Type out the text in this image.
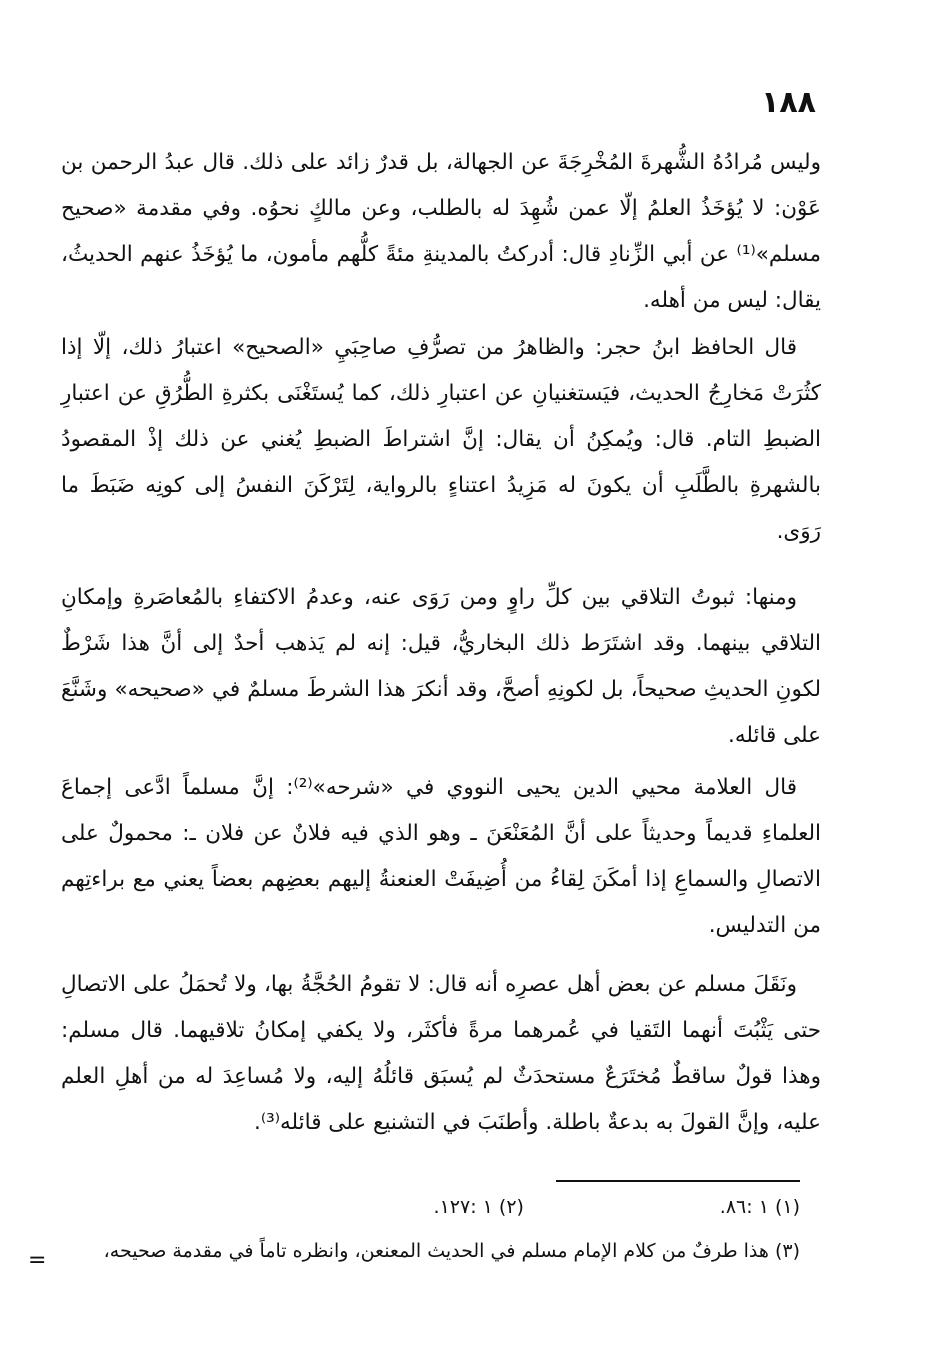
١٨٨

وليس مُرادُهُ الشُّهرةَ المُخْرِجَةَ عن الجهالة، بل قدرٌ زائد على ذلك. قال عبدُ الرحمن بن عَوْن: لا يُؤخَذُ العلمُ إلّا عمن شُهِدَ له بالطلب، وعن مالكٍ نحوُه. وفي مقدمة «صحيح مسلم»⁽¹⁾ عن أبي الزِّنادِ قال: أدركتُ بالمدينةِ مئةً كلُّهم مأمون، ما يُؤخَذُ عنهم الحديثُ، يقال: ليس من أهله.

قال الحافظ ابنُ حجر: والظاهرُ من تصرُّفِ صاحِبَيِ «الصحيح» اعتبارُ ذلك، إلّا إذا كثُرَتْ مَخارِجُ الحديث، فيَستغنيانِ عن اعتبارِ ذلك، كما يُستَغْنَى بكثرةِ الطُّرُقِ عن اعتبارِ الضبطِ التام. قال: ويُمكِنُ أن يقال: إنَّ اشتراطَ الضبطِ يُغني عن ذلك إذْ المقصودُ بالشهرةِ بالطَّلَبِ أن يكونَ له مَزِيدُ اعتناءٍ بالرواية، لِتَرْكَنَ النفسُ إلى كونِه ضَبَطَ ما رَوَى.

ومنها: ثبوتُ التلاقي بين كلِّ راوٍ ومن رَوَى عنه، وعدمُ الاكتفاءِ بالمُعاصَرةِ وإمكانِ التلاقي بينهما. وقد اشتَرَط ذلك البخاريُّ، قيل: إنه لم يَذهب أحدٌ إلى أنَّ هذا شَرْطٌ لكونِ الحديثِ صحيحاً، بل لكونِهِ أصحَّ، وقد أنكرَ هذا الشرطَ مسلمٌ في «صحيحه» وشَنَّعَ على قائله.

قال العلامة محيي الدين يحيى النووي في «شرحه»⁽²⁾: إنَّ مسلماً ادَّعى إجماعَ العلماءِ قديماً وحديثاً على أنَّ المُعَنْعَنَ ـ وهو الذي فيه فلانٌ عن فلان ـ: محمولٌ على الاتصالِ والسماعِ إذا أمكَنَ لِقاءُ من أُضِيفَتْ العنعنةُ إليهم بعضِهم بعضاً يعني مع براءتِهم من التدليس.

ونَقَلَ مسلم عن بعض أهل عصرِه أنه قال: لا تقومُ الحُجَّةُ بها، ولا تُحمَلُ على الاتصالِ حتى يَثْبُتَ أنهما التَقيا في عُمرهما مرةً فأكثَر، ولا يكفي إمكانُ تلاقيهما. قال مسلم: وهذا قولٌ ساقطٌ مُختَرَعٌ مستحدَثٌ لم يُسبَق قائلُهُ إليه، ولا مُساعِدَ له من أهلِ العلم عليه، وإنَّ القولَ به بدعةٌ باطلة. وأطنَبَ في التشنيع على قائله⁽³⁾.

(١) ١ :٨٦. (٢) ١ :١٢٧.
(٣) هذا طرفٌ من كلام الإمام مسلم في الحديث المعنعن، وانظره تاماً في مقدمة صحيحه،
=
